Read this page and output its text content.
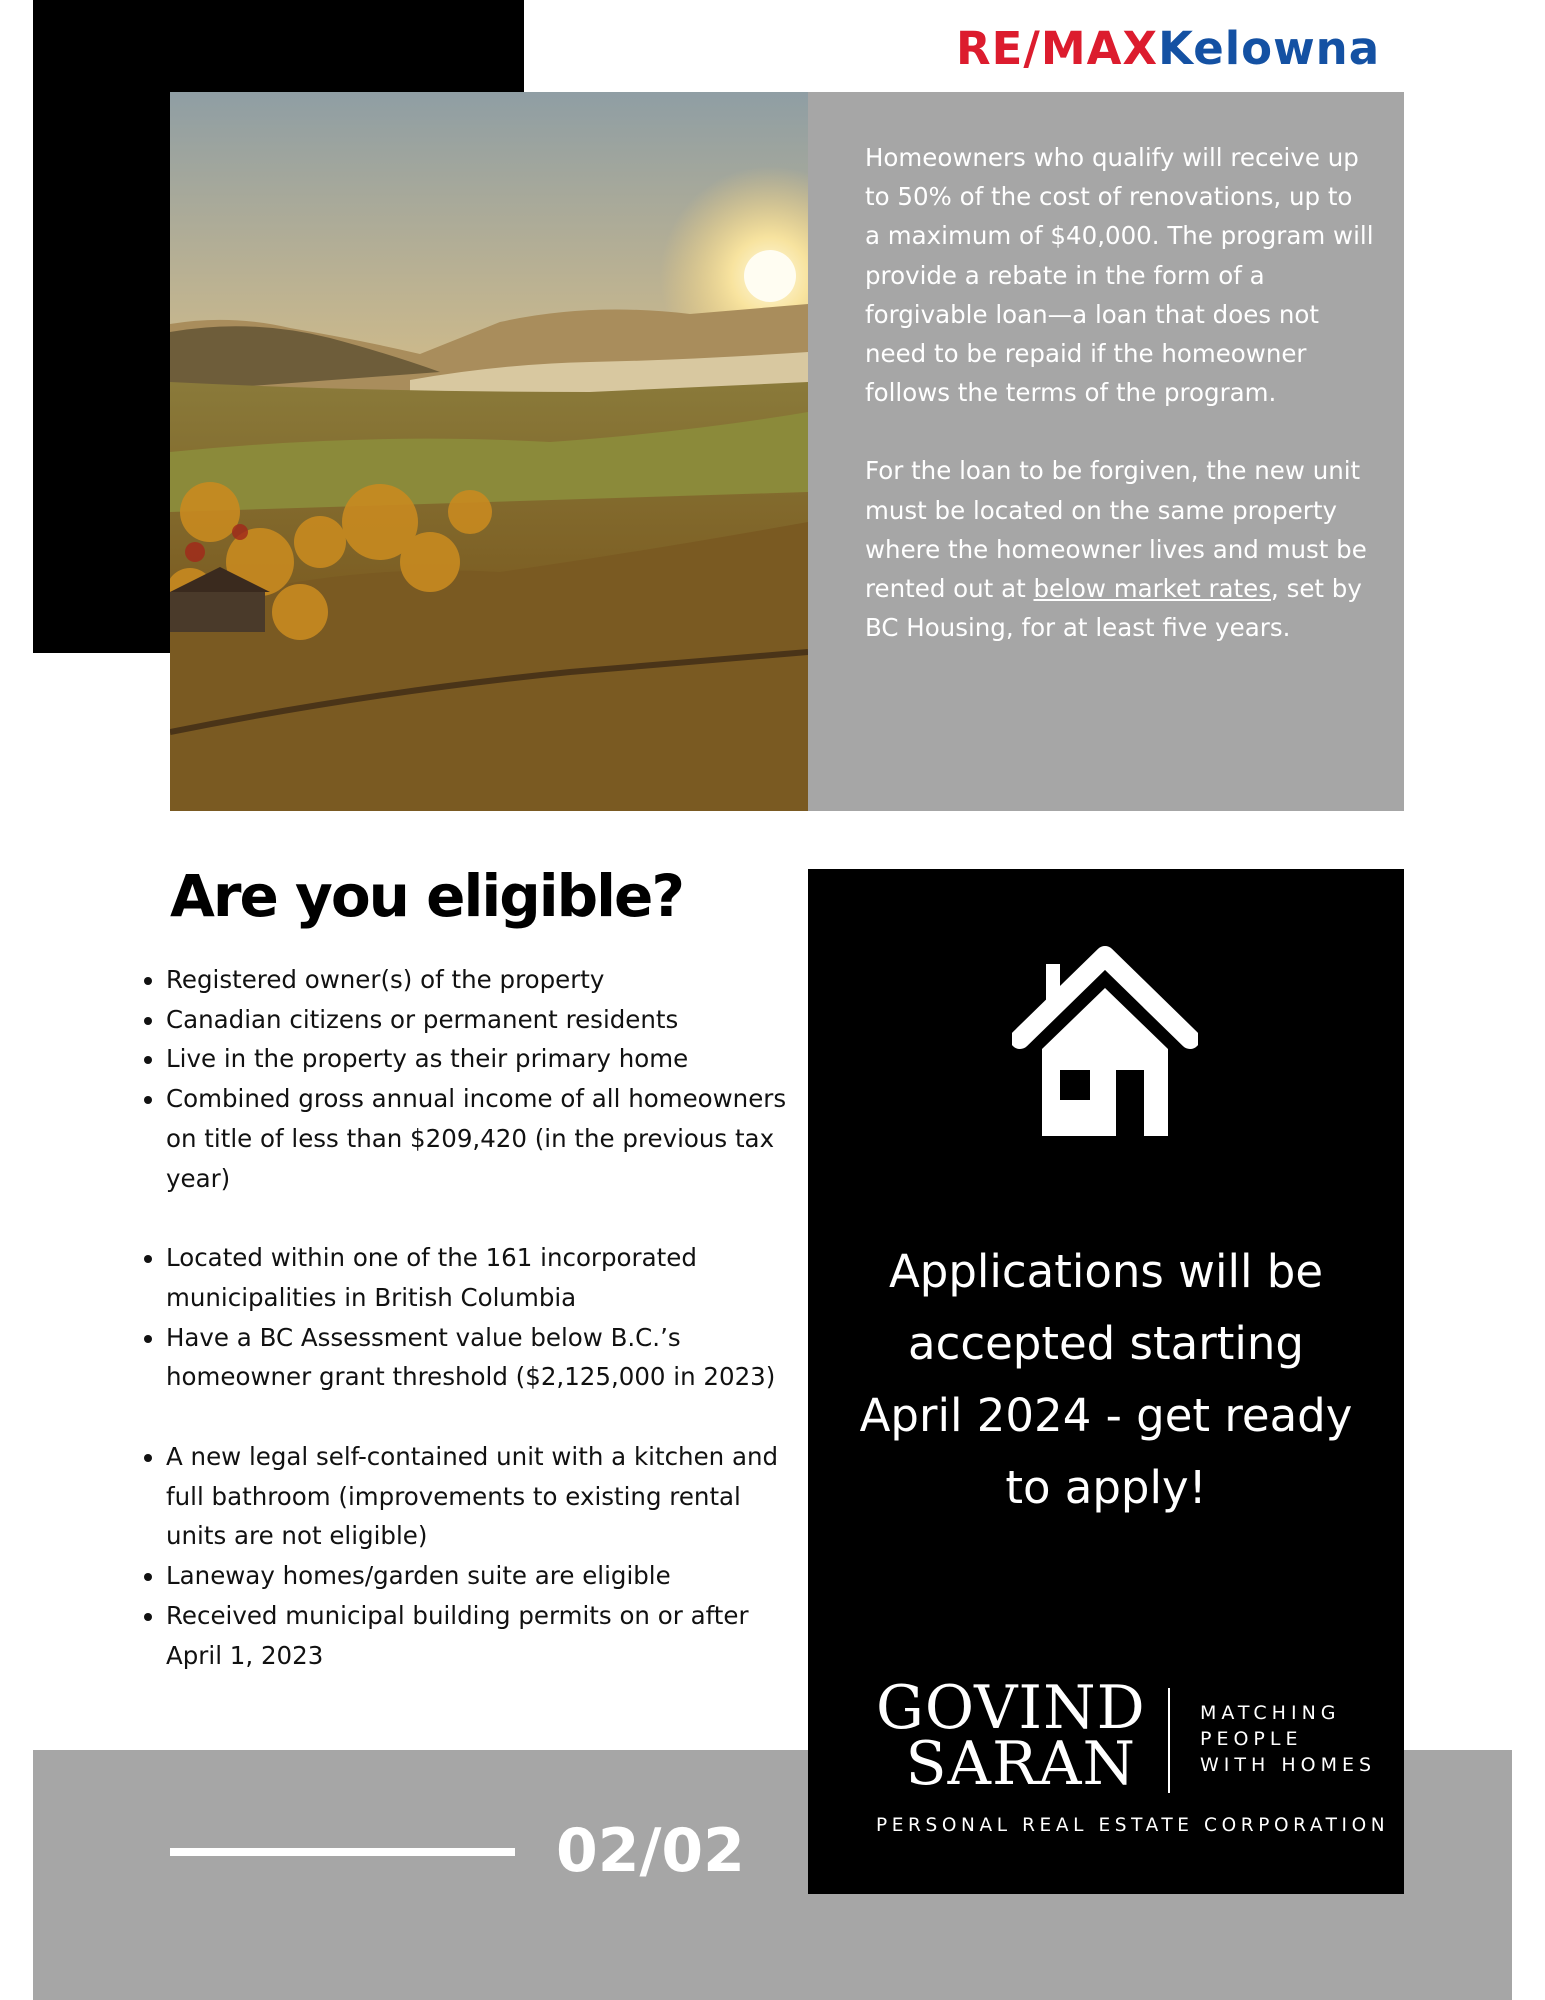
RE/MAXKelowna

Homeowners who qualify will receive up to 50% of the cost of renovations, up to a maximum of $40,000. The program will provide a rebate in the form of a forgivable loan—a loan that does not need to be repaid if the homeowner follows the terms of the program.

For the loan to be forgiven, the new unit must be located on the same property where the homeowner lives and must be rented out at below market rates, set by BC Housing, for at least five years.

Are you eligible?
• Registered owner(s) of the property
• Canadian citizens or permanent residents
• Live in the property as their primary home
• Combined gross annual income of all homeowners on title of less than $209,420 (in the previous tax year)
• Located within one of the 161 incorporated municipalities in British Columbia
• Have a BC Assessment value below B.C.’s homeowner grant threshold ($2,125,000 in 2023)
• A new legal self-contained unit with a kitchen and full bathroom (improvements to existing rental units are not eligible)
• Laneway homes/garden suite are eligible
• Received municipal building permits on or after April 1, 2023
02/02
Applications will be accepted starting April 2024 - get ready to apply!
GOVIND
SARAN
MATCHING
PEOPLE
WITH HOMES
PERSONAL REAL ESTATE CORPORATION
